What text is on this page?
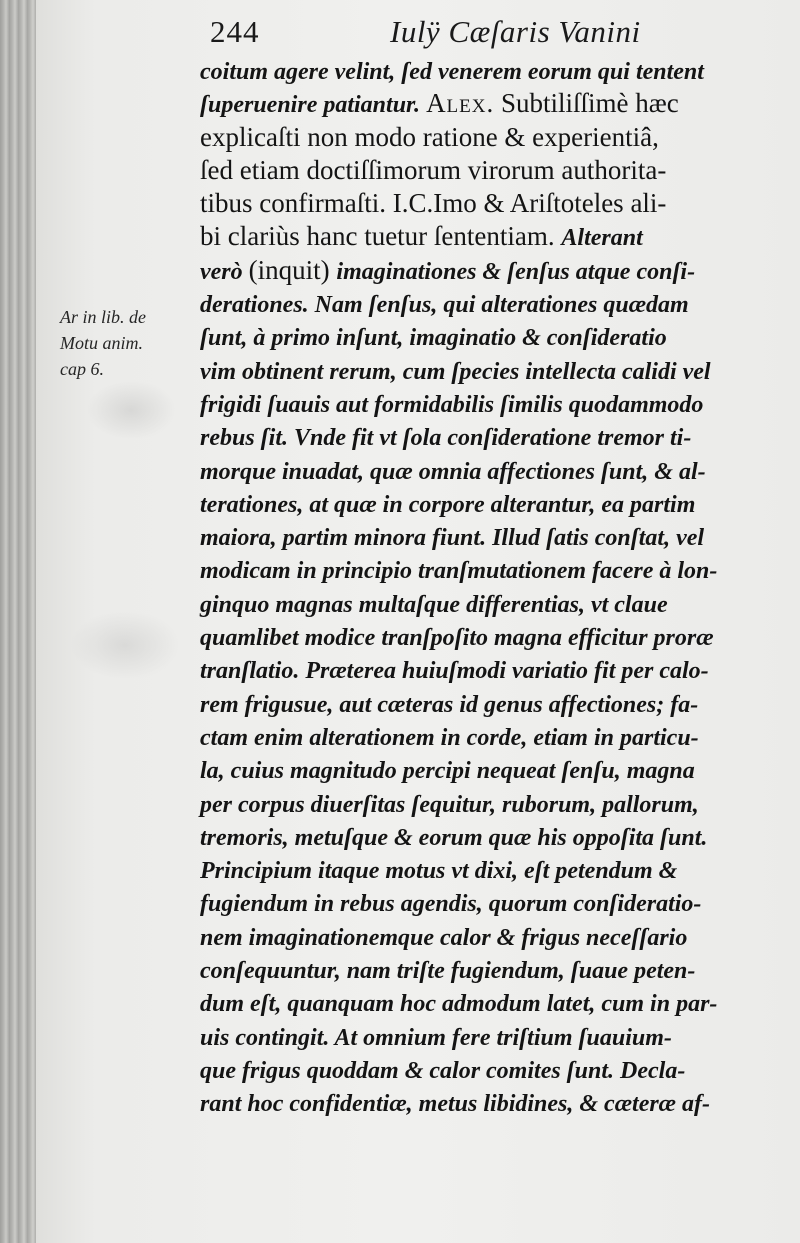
244	Iulÿ Cæſaris Vanini
Ar in lib. de
Motu anim.
cap 6.
coitum agere velint, ſed venerem eorum qui tentent
ſuperuenire patiantur. Alex. Subtiliſſimè hæc
explicaſti non modo ratione & experientiâ,
ſed etiam doctiſſimorum virorum authorita-
tibus confirmaſti. I.C.Imo & Ariſtoteles ali-
bi clariùs hanc tuetur ſententiam. Alterant
verò (inquit) imaginationes & ſenſus atque conſi-
derationes. Nam ſenſus, qui alterationes quædam
ſunt, à primo inſunt, imaginatio & conſideratio
vim obtinent rerum, cum ſpecies intellecta calidi vel
frigidi ſuauis aut formidabilis ſimilis quodammodo
rebus ſit. Vnde fit vt ſola conſideratione tremor ti-
morque inuadat, quæ omnia affectiones ſunt, & al-
terationes, at quæ in corpore alterantur, ea partim
maiora, partim minora fiunt. Illud ſatis conſtat, vel
modicam in principio tranſmutationem facere à lon-
ginquo magnas multaſque differentias, vt claue
quamlibet modice tranſpoſito magna efficitur proræ
tranſlatio. Præterea huiuſmodi variatio fit per calo-
rem frigusue, aut cæteras id genus affectiones; fa-
ctam enim alterationem in corde, etiam in particu-
la, cuius magnitudo percipi nequeat ſenſu, magna
per corpus diuerſitas ſequitur, ruborum, pallorum,
tremoris, metuſque & eorum quæ his oppoſita ſunt.
Principium itaque motus vt dixi, eſt petendum &
fugiendum in rebus agendis, quorum conſideratio-
nem imaginationemque calor & frigus neceſſario
conſequuntur, nam triſte fugiendum, ſuaue peten-
dum eſt, quanquam hoc admodum latet, cum in par-
uis contingit. At omnium fere triſtium ſuauium-
que frigus quoddam & calor comites ſunt. Decla-
rant hoc confidentiæ, metus libidines, & cæteræ af-
